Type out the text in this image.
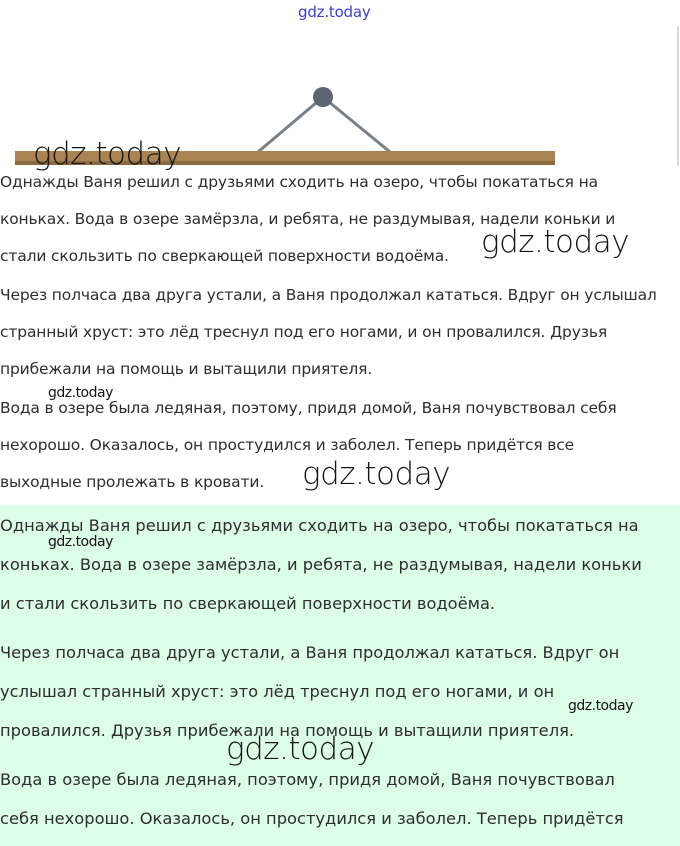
gdz.today

Однажды Ваня решил с друзьями сходить на озеро, чтобы покататься на
коньках. Вода в озере замёрзла, и ребята, не раздумывая, надели коньки и
стали скользить по сверкающей поверхности водоёма.

Через полчаса два друга устали, а Ваня продолжал кататься. Вдруг он услышал
странный хруст: это лёд треснул под его ногами, и он провалился. Друзья
прибежали на помощь и вытащили приятеля.

Вода в озере была ледяная, поэтому, придя домой, Ваня почувствовал себя
нехорошо. Оказалось, он простудился и заболел. Теперь придётся все
выходные пролежать в кровати.

Однажды Ваня решил с друзьями сходить на озеро, чтобы покататься на
коньках. Вода в озере замёрзла, и ребята, не раздумывая, надели коньки
и стали скользить по сверкающей поверхности водоёма.

Через полчаса два друга устали, а Ваня продолжал кататься. Вдруг он
услышал странный хруст: это лёд треснул под его ногами, и он
провалился. Друзья прибежали на помощь и вытащили приятеля.

Вода в озере была ледяная, поэтому, придя домой, Ваня почувствовал
себя нехорошо. Оказалось, он простудился и заболел. Теперь придётся

gdz.today
gdz.today
gdz.today
gdz.today
gdz.today
gdz.today
gdz.today
